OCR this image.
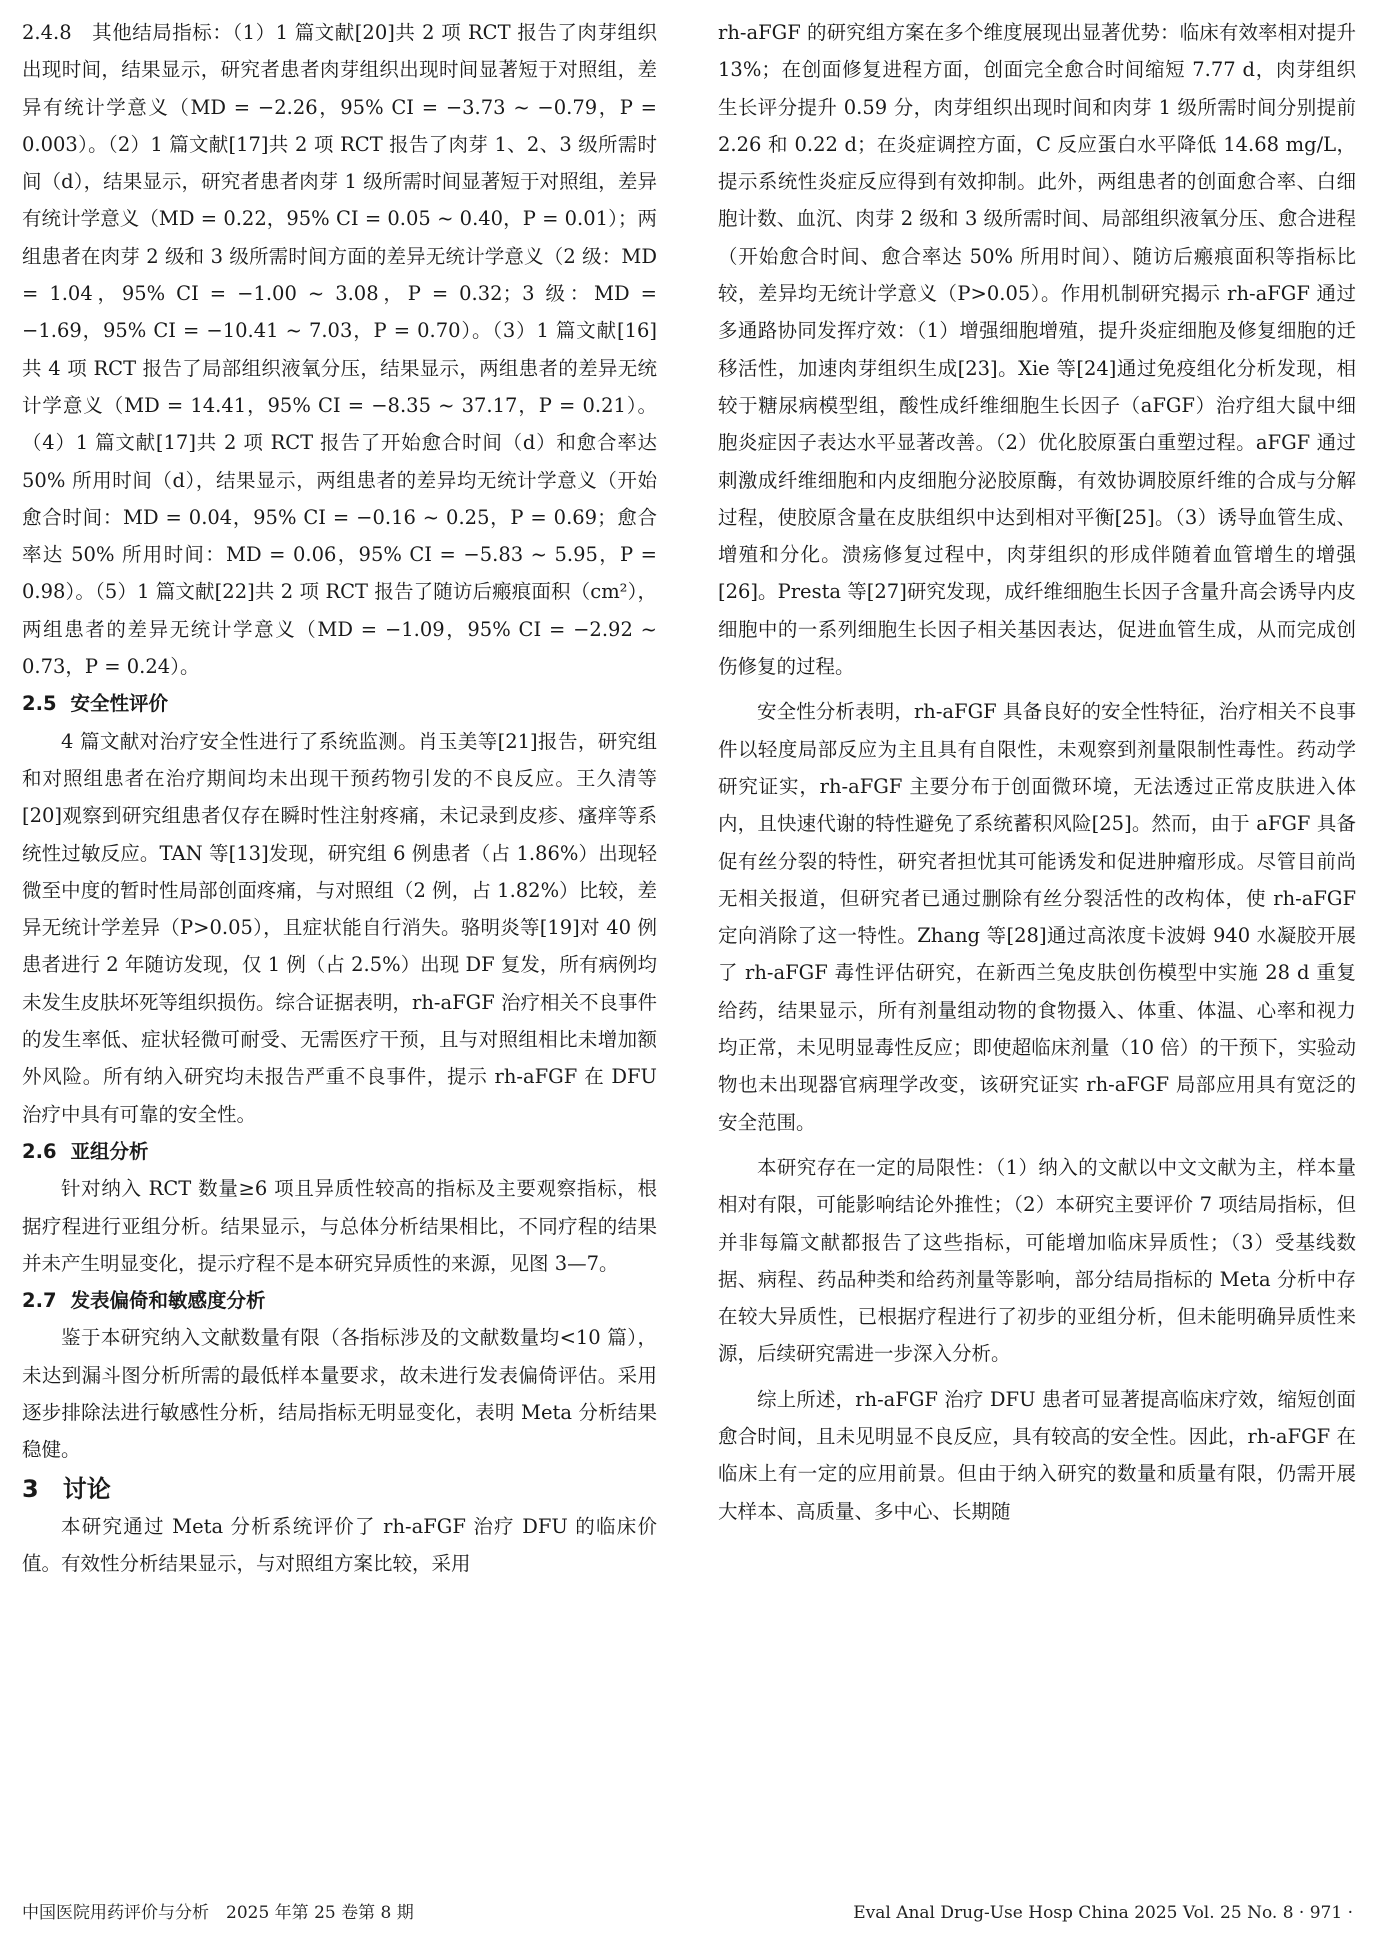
2.4.8　其他结局指标：（1）1 篇文献[20]共 2 项 RCT 报告了肉芽组织出现时间，结果显示，研究者患者肉芽组织出现时间显著短于对照组，差异有统计学意义（MD = −2.26，95% CI = −3.73 ~ −0.79，P = 0.003）。（2）1 篇文献[17]共 2 项 RCT 报告了肉芽 1、2、3 级所需时间（d），结果显示，研究者患者肉芽 1 级所需时间显著短于对照组，差异有统计学意义（MD = 0.22，95% CI = 0.05 ~ 0.40，P = 0.01）；两组患者在肉芽 2 级和 3 级所需时间方面的差异无统计学意义（2 级：MD = 1.04，95% CI = −1.00 ~ 3.08，P = 0.32；3 级：MD = −1.69，95% CI = −10.41 ~ 7.03，P = 0.70）。（3）1 篇文献[16]共 4 项 RCT 报告了局部组织液氧分压，结果显示，两组患者的差异无统计学意义（MD = 14.41，95% CI = −8.35 ~ 37.17，P = 0.21）。（4）1 篇文献[17]共 2 项 RCT 报告了开始愈合时间（d）和愈合率达 50% 所用时间（d），结果显示，两组患者的差异均无统计学意义（开始愈合时间：MD = 0.04，95% CI = −0.16 ~ 0.25，P = 0.69；愈合率达 50% 所用时间：MD = 0.06，95% CI = −5.83 ~ 5.95，P = 0.98）。（5）1 篇文献[22]共 2 项 RCT 报告了随访后瘢痕面积（cm²），两组患者的差异无统计学意义（MD = −1.09，95% CI = −2.92 ~ 0.73，P = 0.24）。

2.5 安全性评价

4 篇文献对治疗安全性进行了系统监测。肖玉美等[21]报告，研究组和对照组患者在治疗期间均未出现干预药物引发的不良反应。王久清等[20]观察到研究组患者仅存在瞬时性注射疼痛，未记录到皮疹、瘙痒等系统性过敏反应。TAN 等[13]发现，研究组 6 例患者（占 1.86%）出现轻微至中度的暂时性局部创面疼痛，与对照组（2 例，占 1.82%）比较，差异无统计学差异（P>0.05），且症状能自行消失。骆明炎等[19]对 40 例患者进行 2 年随访发现，仅 1 例（占 2.5%）出现 DF 复发，所有病例均未发生皮肤坏死等组织损伤。综合证据表明，rh-aFGF 治疗相关不良事件的发生率低、症状轻微可耐受、无需医疗干预，且与对照组相比未增加额外风险。所有纳入研究均未报告严重不良事件，提示 rh-aFGF 在 DFU 治疗中具有可靠的安全性。

2.6 亚组分析

针对纳入 RCT 数量≥6 项且异质性较高的指标及主要观察指标，根据疗程进行亚组分析。结果显示，与总体分析结果相比，不同疗程的结果并未产生明显变化，提示疗程不是本研究异质性的来源，见图 3—7。

2.7 发表偏倚和敏感度分析

鉴于本研究纳入文献数量有限（各指标涉及的文献数量均<10 篇），未达到漏斗图分析所需的最低样本量要求，故未进行发表偏倚评估。采用逐步排除法进行敏感性分析，结局指标无明显变化，表明 Meta 分析结果稳健。

3 讨论

本研究通过 Meta 分析系统评价了 rh-aFGF 治疗 DFU 的临床价值。有效性分析结果显示，与对照组方案比较，采用

rh-aFGF 的研究组方案在多个维度展现出显著优势：临床有效率相对提升 13%；在创面修复进程方面，创面完全愈合时间缩短 7.77 d，肉芽组织生长评分提升 0.59 分，肉芽组织出现时间和肉芽 1 级所需时间分别提前 2.26 和 0.22 d；在炎症调控方面，C 反应蛋白水平降低 14.68 mg/L，提示系统性炎症反应得到有效抑制。此外，两组患者的创面愈合率、白细胞计数、血沉、肉芽 2 级和 3 级所需时间、局部组织液氧分压、愈合进程（开始愈合时间、愈合率达 50% 所用时间）、随访后瘢痕面积等指标比较，差异均无统计学意义（P>0.05）。作用机制研究揭示 rh-aFGF 通过多通路协同发挥疗效：（1）增强细胞增殖，提升炎症细胞及修复细胞的迁移活性，加速肉芽组织生成[23]。Xie 等[24]通过免疫组化分析发现，相较于糖尿病模型组，酸性成纤维细胞生长因子（aFGF）治疗组大鼠中细胞炎症因子表达水平显著改善。（2）优化胶原蛋白重塑过程。aFGF 通过刺激成纤维细胞和内皮细胞分泌胶原酶，有效协调胶原纤维的合成与分解过程，使胶原含量在皮肤组织中达到相对平衡[25]。（3）诱导血管生成、增殖和分化。溃疡修复过程中，肉芽组织的形成伴随着血管增生的增强[26]。Presta 等[27]研究发现，成纤维细胞生长因子含量升高会诱导内皮细胞中的一系列细胞生长因子相关基因表达，促进血管生成，从而完成创伤修复的过程。

安全性分析表明，rh-aFGF 具备良好的安全性特征，治疗相关不良事件以轻度局部反应为主且具有自限性，未观察到剂量限制性毒性。药动学研究证实，rh-aFGF 主要分布于创面微环境，无法透过正常皮肤进入体内，且快速代谢的特性避免了系统蓄积风险[25]。然而，由于 aFGF 具备促有丝分裂的特性，研究者担忧其可能诱发和促进肿瘤形成。尽管目前尚无相关报道，但研究者已通过删除有丝分裂活性的改构体，使 rh-aFGF 定向消除了这一特性。Zhang 等[28]通过高浓度卡波姆 940 水凝胶开展了 rh-aFGF 毒性评估研究，在新西兰兔皮肤创伤模型中实施 28 d 重复给药，结果显示，所有剂量组动物的食物摄入、体重、体温、心率和视力均正常，未见明显毒性反应；即使超临床剂量（10 倍）的干预下，实验动物也未出现器官病理学改变，该研究证实 rh-aFGF 局部应用具有宽泛的安全范围。

本研究存在一定的局限性：（1）纳入的文献以中文文献为主，样本量相对有限，可能影响结论外推性；（2）本研究主要评价 7 项结局指标，但并非每篇文献都报告了这些指标，可能增加临床异质性；（3）受基线数据、病程、药品种类和给药剂量等影响，部分结局指标的 Meta 分析中存在较大异质性，已根据疗程进行了初步的亚组分析，但未能明确异质性来源，后续研究需进一步深入分析。

综上所述，rh-aFGF 治疗 DFU 患者可显著提高临床疗效，缩短创面愈合时间，且未见明显不良反应，具有较高的安全性。因此，rh-aFGF 在临床上有一定的应用前景。但由于纳入研究的数量和质量有限，仍需开展大样本、高质量、多中心、长期随

中国医院用药评价与分析　2025 年第 25 卷第 8 期	Eval Anal Drug-Use Hosp China 2025 Vol. 25 No. 8 · 971 ·
